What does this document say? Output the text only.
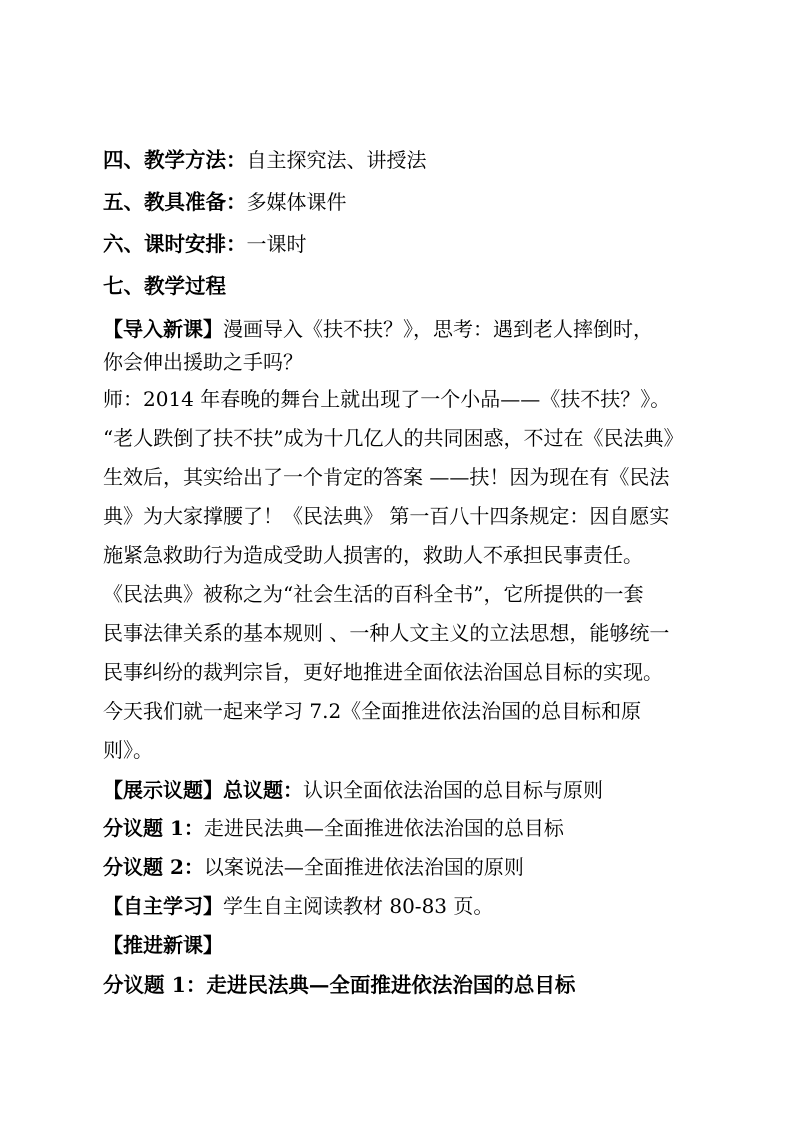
四、教学方法：自主探究法、讲授法
五、教具准备：多媒体课件
六、课时安排：一课时
七、教学过程
【导入新课】漫画导入《扶不扶？》，思考：遇到老人摔倒时，
你会伸出援助之手吗？
师：2014 年春晚的舞台上就出现了一个小品——《扶不扶？》。
“老人跌倒了扶不扶”成为十几亿人的共同困惑，不过在《民法典》
生效后，其实给出了一个肯定的答案 ——扶！因为现在有《民法
典》为大家撑腰了！《民法典》 第一百八十四条规定：因自愿实
施紧急救助行为造成受助人损害的，救助人不承担民事责任。
《民法典》被称之为“社会生活的百科全书”，它所提供的一套
民事法律关系的基本规则 、一种人文主义的立法思想，能够统一
民事纠纷的裁判宗旨，更好地推进全面依法治国总目标的实现。
今天我们就一起来学习 7.2《全面推进依法治国的总目标和原
则》。
【展示议题】总议题：认识全面依法治国的总目标与原则
分议题 1：走进民法典—全面推进依法治国的总目标
分议题 2：以案说法—全面推进依法治国的原则
【自主学习】学生自主阅读教材 80-83 页。
【推进新课】
分议题 1：走进民法典—全面推进依法治国的总目标
